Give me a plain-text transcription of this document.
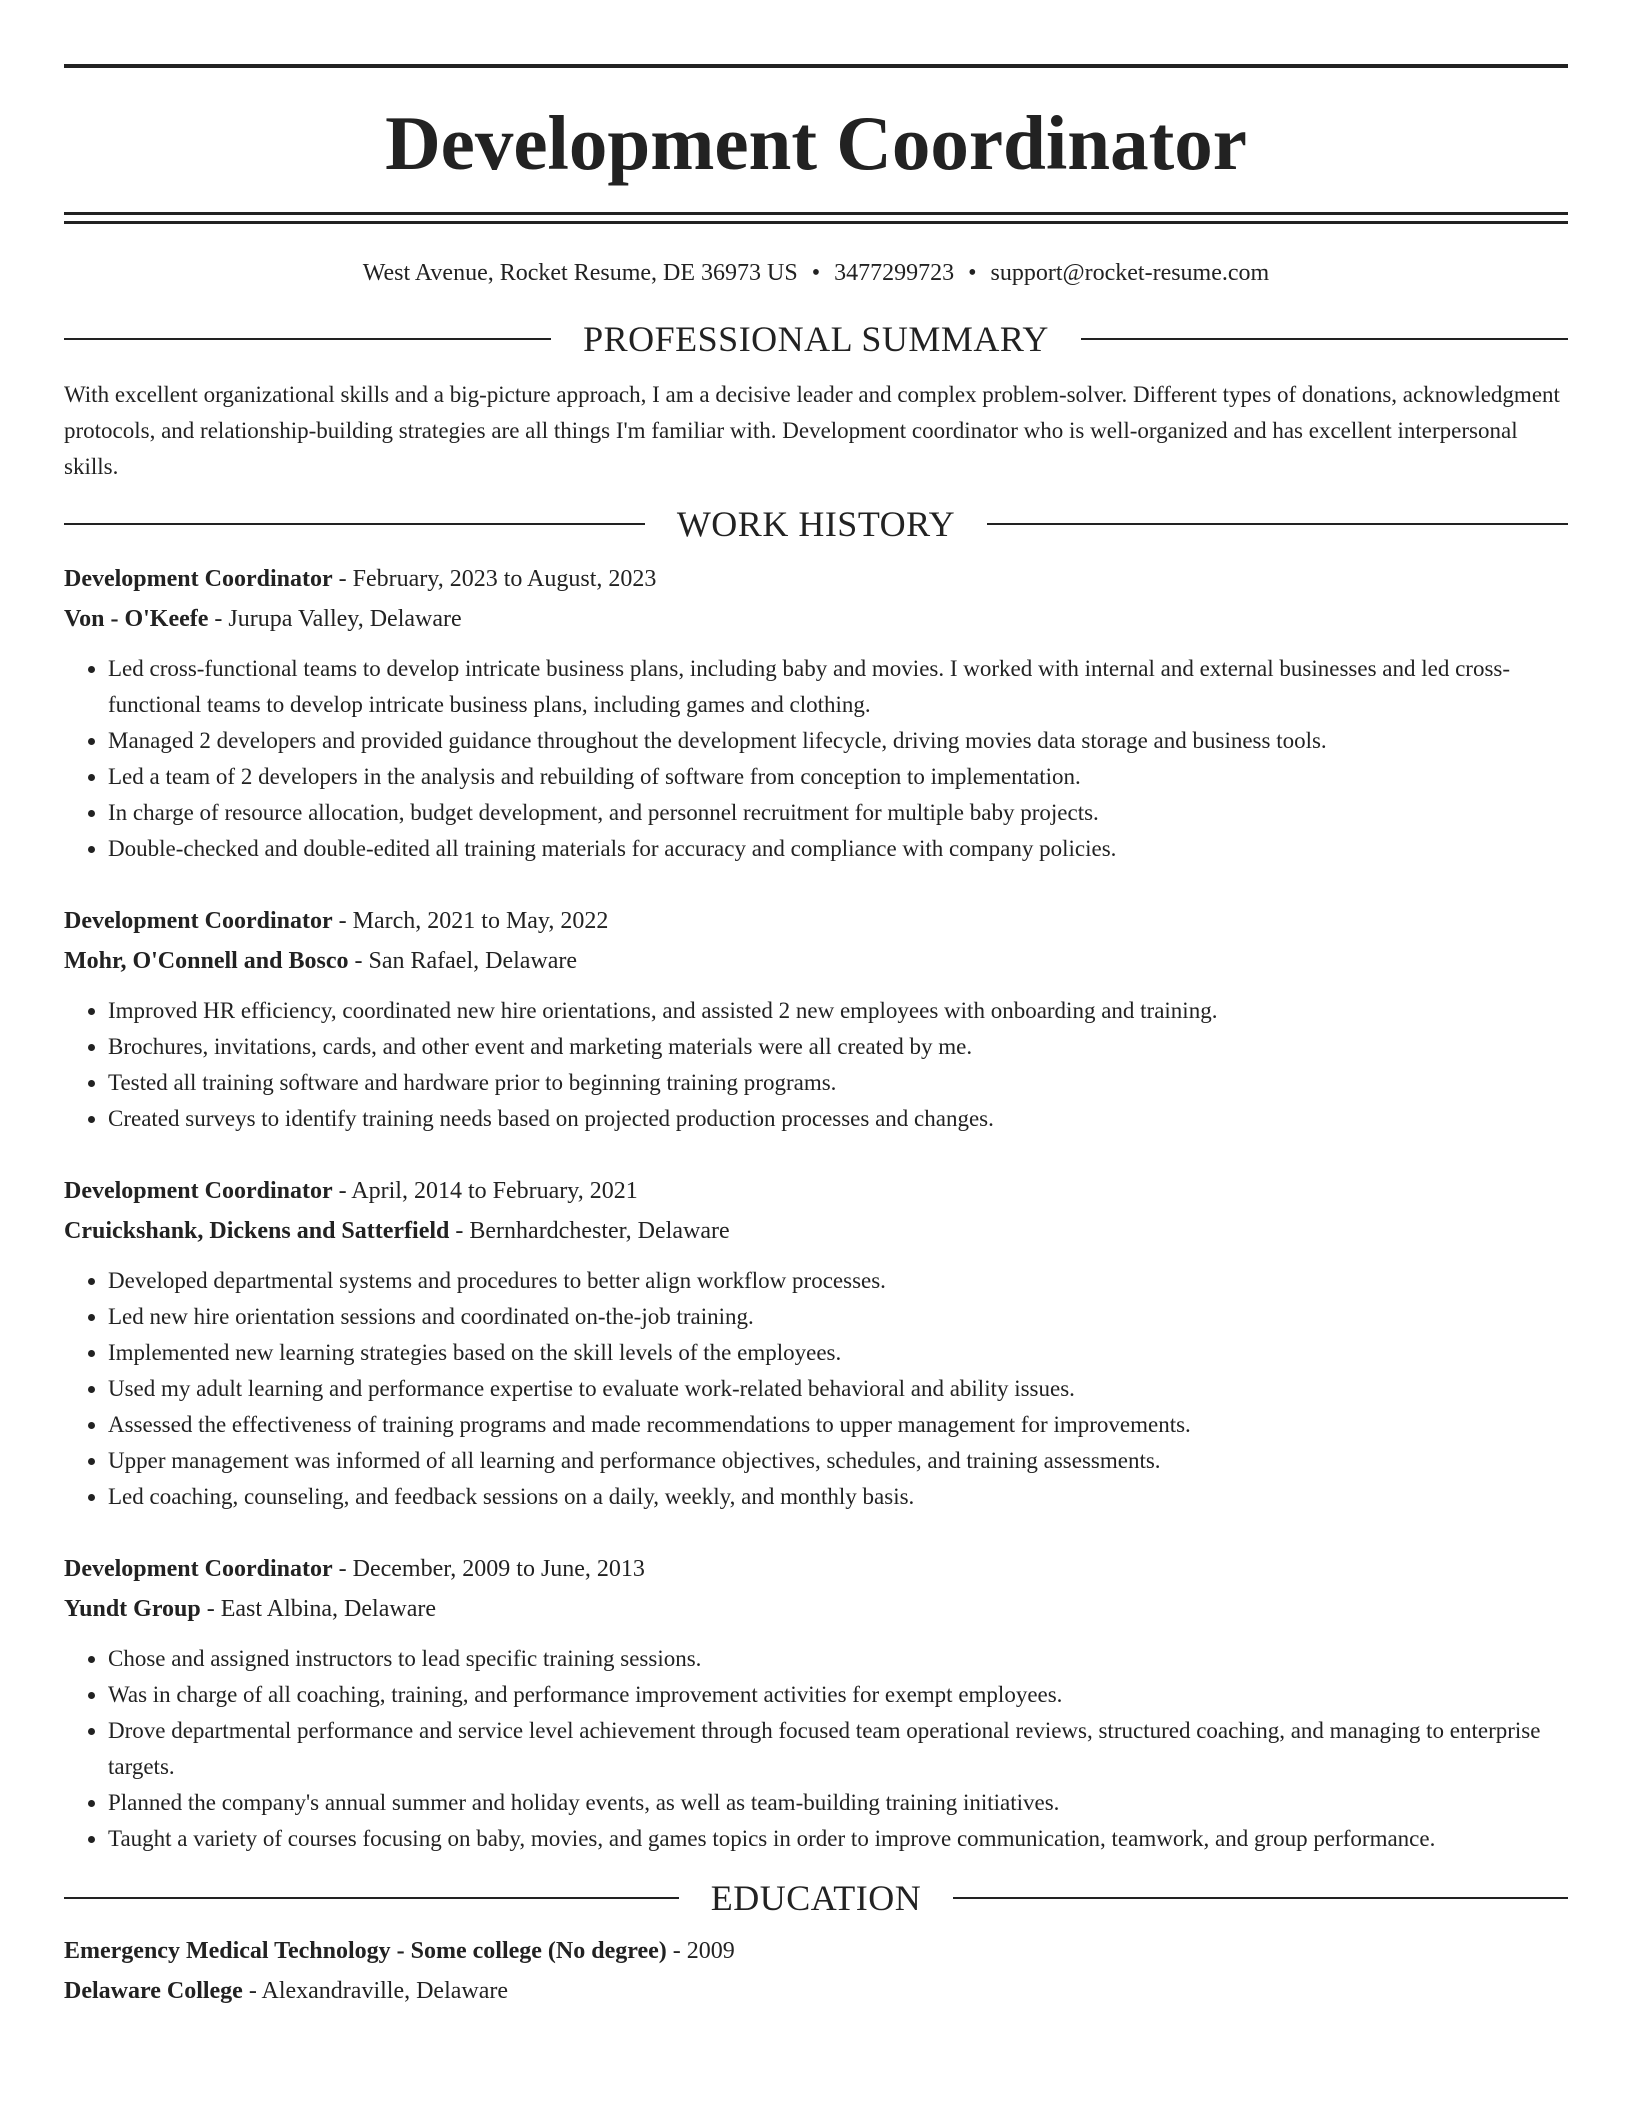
Development Coordinator
West Avenue, Rocket Resume, DE 36973 US • 3477299723 • support@rocket-resume.com
PROFESSIONAL SUMMARY
With excellent organizational skills and a big-picture approach, I am a decisive leader and complex problem-solver. Different types of donations, acknowledgment protocols, and relationship-building strategies are all things I'm familiar with. Development coordinator who is well-organized and has excellent interpersonal skills.
WORK HISTORY
Development Coordinator - February, 2023 to August, 2023
Von - O'Keefe - Jurupa Valley, Delaware
• Led cross-functional teams to develop intricate business plans, including baby and movies. I worked with internal and external businesses and led cross-functional teams to develop intricate business plans, including games and clothing.
• Managed 2 developers and provided guidance throughout the development lifecycle, driving movies data storage and business tools.
• Led a team of 2 developers in the analysis and rebuilding of software from conception to implementation.
• In charge of resource allocation, budget development, and personnel recruitment for multiple baby projects.
• Double-checked and double-edited all training materials for accuracy and compliance with company policies.
Development Coordinator - March, 2021 to May, 2022
Mohr, O'Connell and Bosco - San Rafael, Delaware
• Improved HR efficiency, coordinated new hire orientations, and assisted 2 new employees with onboarding and training.
• Brochures, invitations, cards, and other event and marketing materials were all created by me.
• Tested all training software and hardware prior to beginning training programs.
• Created surveys to identify training needs based on projected production processes and changes.
Development Coordinator - April, 2014 to February, 2021
Cruickshank, Dickens and Satterfield - Bernhardchester, Delaware
• Developed departmental systems and procedures to better align workflow processes.
• Led new hire orientation sessions and coordinated on-the-job training.
• Implemented new learning strategies based on the skill levels of the employees.
• Used my adult learning and performance expertise to evaluate work-related behavioral and ability issues.
• Assessed the effectiveness of training programs and made recommendations to upper management for improvements.
• Upper management was informed of all learning and performance objectives, schedules, and training assessments.
• Led coaching, counseling, and feedback sessions on a daily, weekly, and monthly basis.
Development Coordinator - December, 2009 to June, 2013
Yundt Group - East Albina, Delaware
• Chose and assigned instructors to lead specific training sessions.
• Was in charge of all coaching, training, and performance improvement activities for exempt employees.
• Drove departmental performance and service level achievement through focused team operational reviews, structured coaching, and managing to enterprise targets.
• Planned the company's annual summer and holiday events, as well as team-building training initiatives.
• Taught a variety of courses focusing on baby, movies, and games topics in order to improve communication, teamwork, and group performance.
EDUCATION
Emergency Medical Technology - Some college (No degree) - 2009
Delaware College - Alexandraville, Delaware
